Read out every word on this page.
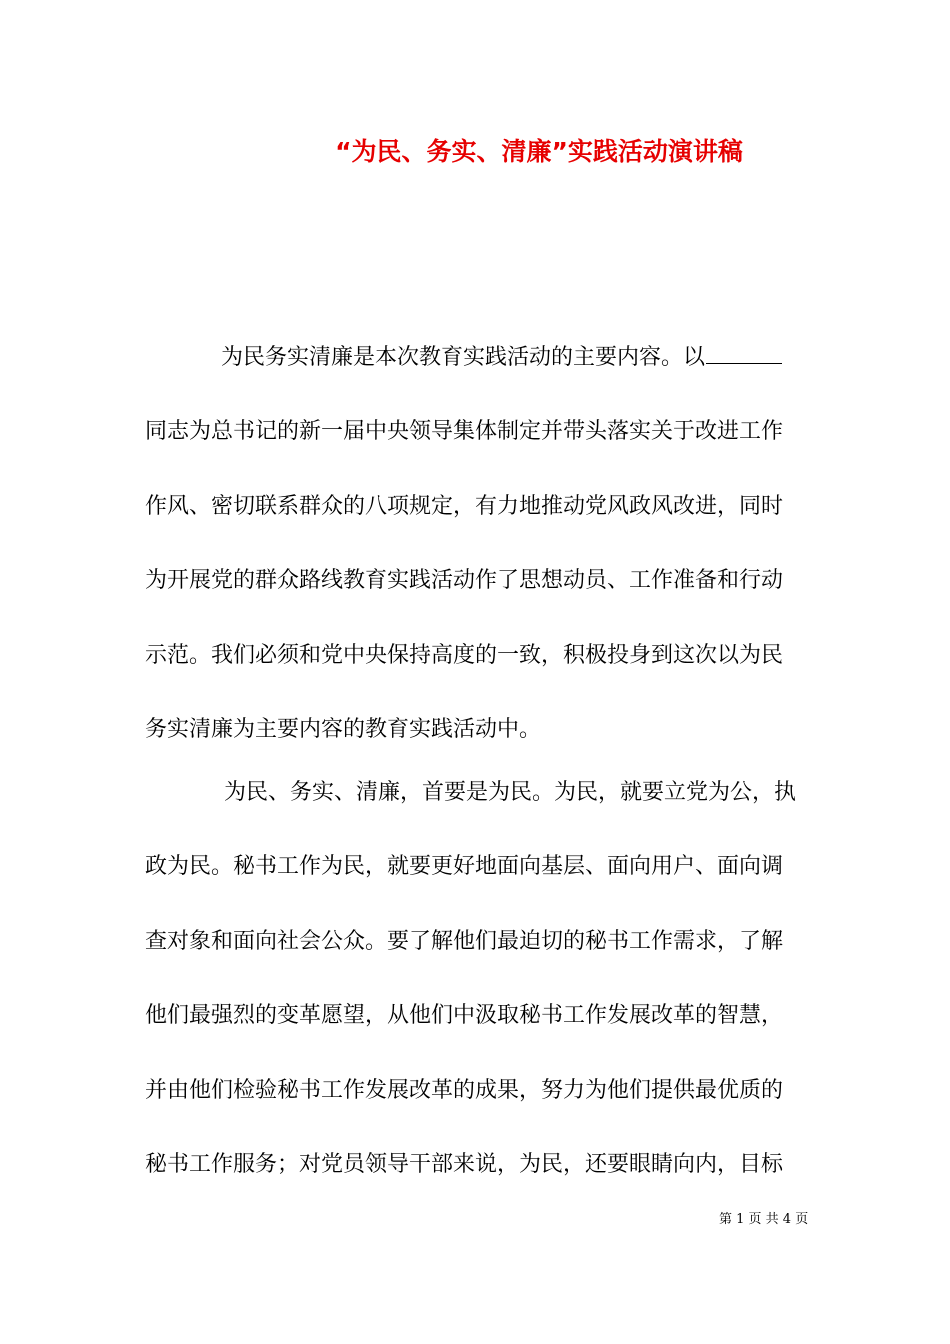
“为民、务实、清廉”实践活动演讲稿
为民务实清廉是本次教育实践活动的主要内容。以
同志为总书记的新一届中央领导集体制定并带头落实关于改进工作
作风、密切联系群众的八项规定，有力地推动党风政风改进，同时
为开展党的群众路线教育实践活动作了思想动员、工作准备和行动
示范。我们必须和党中央保持高度的一致，积极投身到这次以为民
务实清廉为主要内容的教育实践活动中。
为民、务实、清廉，首要是为民。为民，就要立党为公，执
政为民。秘书工作为民，就要更好地面向基层、面向用户、面向调
查对象和面向社会公众。要了解他们最迫切的秘书工作需求，了解
他们最强烈的变革愿望，从他们中汲取秘书工作发展改革的智慧，
并由他们检验秘书工作发展改革的成果，努力为他们提供最优质的
秘书工作服务；对党员领导干部来说，为民，还要眼睛向内，目标
第 1 页 共 4 页
